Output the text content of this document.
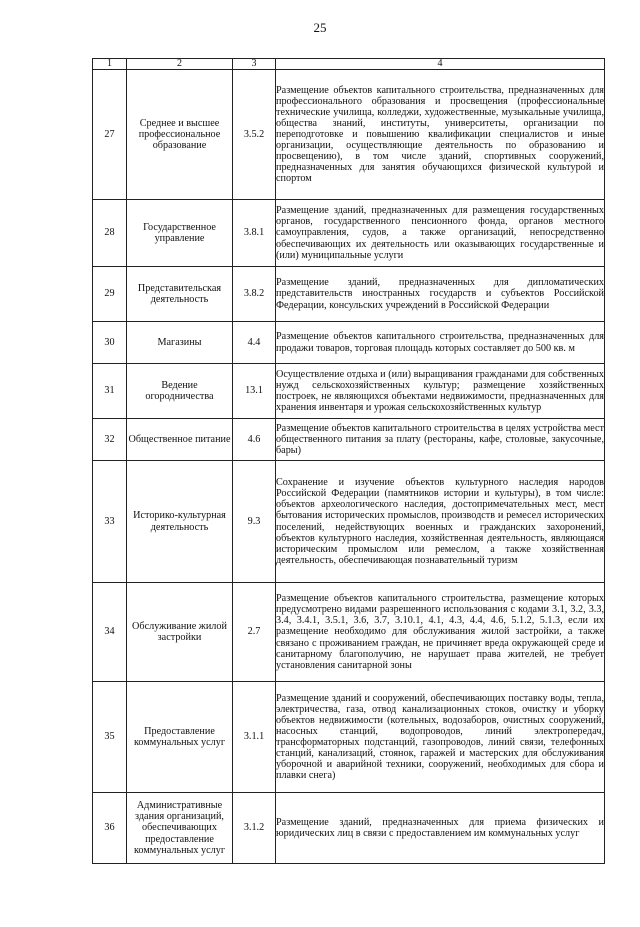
25
1	2	3	4
27	Среднее и высшее профессиональное образование	3.5.2	Размещение объектов капитального строительства, предназначенных для профессионального образования и просвещения (профессиональные технические училища, колледжи, художественные, музыкальные училища, общества знаний, институты, университеты, организации по переподготовке и повышению квалификации специалистов и иные организации, осуществляющие деятельность по образованию и просвещению), в том числе зданий, спортивных сооружений, предназначенных для занятия обучающихся физической культурой и спортом
28	Государственное управление	3.8.1	Размещение зданий, предназначенных для размещения государственных органов, государственного пенсионного фонда, органов местного самоуправления, судов, а также организаций, непосредственно обеспечивающих их деятельность или оказывающих государственные и (или) муниципальные услуги
29	Представительская деятельность	3.8.2	Размещение зданий, предназначенных для дипломатических представительств иностранных государств и субъектов Российской Федерации, консульских учреждений в Российской Федерации
30	Магазины	4.4	Размещение объектов капитального строительства, предназначенных для продажи товаров, торговая площадь которых составляет до 500 кв. м
31	Ведение огородничества	13.1	Осуществление отдыха и (или) выращивания гражданами для собственных нужд сельскохозяйственных культур; размещение хозяйственных построек, не являющихся объектами недвижимости, предназначенных для хранения инвентаря и урожая сельскохозяйственных культур
32	Общественное питание	4.6	Размещение объектов капитального строительства в целях устройства мест общественного питания за плату (рестораны, кафе, столовые, закусочные, бары)
33	Историко-культурная деятельность	9.3	Сохранение и изучение объектов культурного наследия народов Российской Федерации (памятников истории и культуры), в том числе: объектов археологического наследия, достопримечательных мест, мест бытования исторических промыслов, производств и ремесел исторических поселений, недействующих военных и гражданских захоронений, объектов культурного наследия, хозяйственная деятельность, являющаяся историческим промыслом или ремеслом, а также хозяйственная деятельность, обеспечивающая познавательный туризм
34	Обслуживание жилой застройки	2.7	Размещение объектов капитального строительства, размещение которых предусмотрено видами разрешенного использования с кодами 3.1, 3.2, 3.3, 3.4, 3.4.1, 3.5.1, 3.6, 3.7, 3.10.1, 4.1, 4.3, 4.4, 4.6, 5.1.2, 5.1.3, если их размещение необходимо для обслуживания жилой застройки, а также связано с проживанием граждан, не причиняет вреда окружающей среде и санитарному благополучию, не нарушает права жителей, не требует установления санитарной зоны
35	Предоставление коммунальных услуг	3.1.1	Размещение зданий и сооружений, обеспечивающих поставку воды, тепла, электричества, газа, отвод канализационных стоков, очистку и уборку объектов недвижимости (котельных, водозаборов, очистных сооружений, насосных станций, водопроводов, линий электропередач, трансформаторных подстанций, газопроводов, линий связи, телефонных станций, канализаций, стоянок, гаражей и мастерских для обслуживания уборочной и аварийной техники, сооружений, необходимых для сбора и плавки снега)
36	Административные здания организаций, обеспечивающих предоставление коммунальных услуг	3.1.2	Размещение зданий, предназначенных для приема физических и юридических лиц в связи с предоставлением им коммунальных услуг
